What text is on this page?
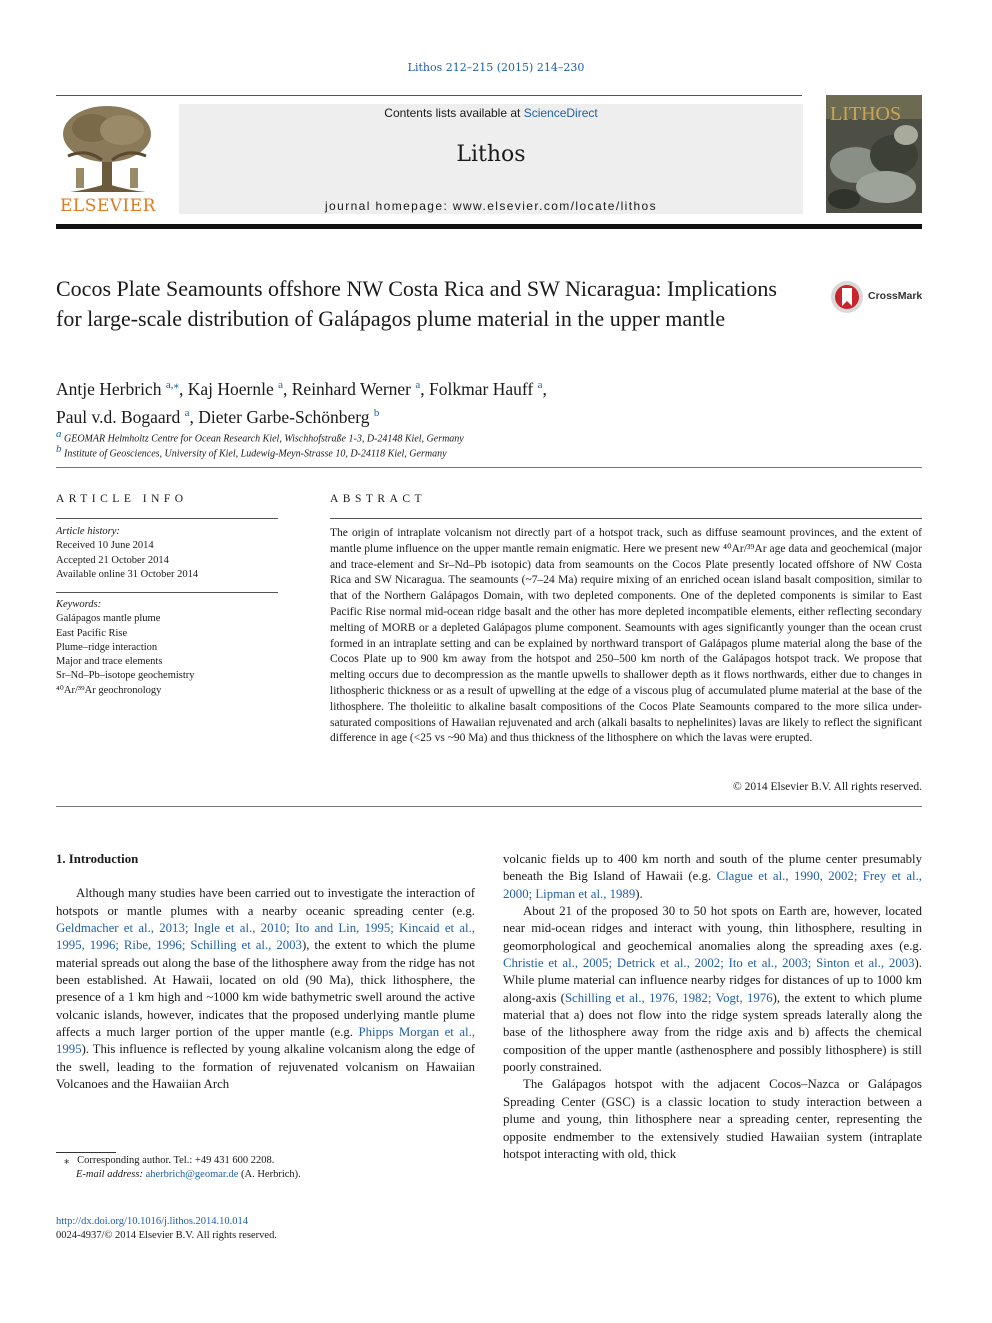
Lithos 212–215 (2015) 214–230
ELSEVIER
Contents lists available at ScienceDirect
Lithos
journal homepage: www.elsevier.com/locate/lithos
LITHOS
Cocos Plate Seamounts offshore NW Costa Rica and SW Nicaragua: Implications for large-scale distribution of Galápagos plume material in the upper mantle
CrossMark
Antje Herbrich $^{a,⁎}$, Kaj Hoernle $^a$, Reinhard Werner $^a$, Folkmar Hauff $^a$,
Paul v.d. Bogaard $^a$, Dieter Garbe-Schönberg $^b$
$^a$ GEOMAR Helmholtz Centre for Ocean Research Kiel, Wischhofstraße 1-3, D-24148 Kiel, Germany
$^b$ Institute of Geosciences, University of Kiel, Ludewig-Meyn-Strasse 10, D-24118 Kiel, Germany
ARTICLE INFO
Article history:
Received 10 June 2014
Accepted 21 October 2014
Available online 31 October 2014
Keywords:
Galápagos mantle plume
East Pacific Rise
Plume–ridge interaction
Major and trace elements
Sr–Nd–Pb–isotope geochemistry
⁴⁰Ar/³⁹Ar geochronology
ABSTRACT
The origin of intraplate volcanism not directly part of a hotspot track, such as diffuse seamount provinces, and the extent of mantle plume influence on the upper mantle remain enigmatic. Here we present new ⁴⁰Ar/³⁹Ar age data and geochemical (major and trace-element and Sr–Nd–Pb isotopic) data from seamounts on the Cocos Plate presently located offshore of NW Costa Rica and SW Nicaragua. The seamounts (~7–24 Ma) require mixing of an enriched ocean island basalt composition, similar to that of the Northern Galápagos Domain, with two depleted components. One of the depleted components is similar to East Pacific Rise normal mid-ocean ridge basalt and the other has more depleted incompatible elements, either reflecting secondary melting of MORB or a depleted Galápagos plume component. Seamounts with ages significantly younger than the ocean crust formed in an intraplate setting and can be explained by northward transport of Galápagos plume material along the base of the Cocos Plate up to 900 km away from the hotspot and 250–500 km north of the Galápagos hotspot track. We propose that melting occurs due to decompression as the mantle upwells to shallower depth as it flows northwards, either due to changes in lithospheric thickness or as a result of upwelling at the edge of a viscous plug of accumulated plume material at the base of the lithosphere. The tholeiitic to alkaline basalt compositions of the Cocos Plate Seamounts compared to the more silica under-saturated compositions of Hawaiian rejuvenated and arch (alkali basalts to nephelinites) lavas are likely to reflect the significant difference in age (<25 vs ~90 Ma) and thus thickness of the lithosphere on which the lavas were erupted.
© 2014 Elsevier B.V. All rights reserved.
1. Introduction

Although many studies have been carried out to investigate the interaction of hotspots or mantle plumes with a nearby oceanic spreading center (e.g. Geldmacher et al., 2013; Ingle et al., 2010; Ito and Lin, 1995; Kincaid et al., 1995, 1996; Ribe, 1996; Schilling et al., 2003), the extent to which the plume material spreads out along the base of the lithosphere away from the ridge has not been established. At Hawaii, located on old (90 Ma), thick lithosphere, the presence of a 1 km high and ~1000 km wide bathymetric swell around the active volcanic islands, however, indicates that the proposed underlying mantle plume affects a much larger portion of the upper mantle (e.g. Phipps Morgan et al., 1995). This influence is reflected by young alkaline volcanism along the edge of the swell, leading to the formation of rejuvenated volcanism on Hawaiian Volcanoes and the Hawaiian Arch

volcanic fields up to 400 km north and south of the plume center presumably beneath the Big Island of Hawaii (e.g. Clague et al., 1990, 2002; Frey et al., 2000; Lipman et al., 1989).

About 21 of the proposed 30 to 50 hot spots on Earth are, however, located near mid-ocean ridges and interact with young, thin lithosphere, resulting in geomorphological and geochemical anomalies along the spreading axes (e.g. Christie et al., 2005; Detrick et al., 2002; Ito et al., 2003; Sinton et al., 2003). While plume material can influence nearby ridges for distances of up to 1000 km along-axis (Schilling et al., 1976, 1982; Vogt, 1976), the extent to which plume material that a) does not flow into the ridge system spreads laterally along the base of the lithosphere away from the ridge axis and b) affects the chemical composition of the upper mantle (asthenosphere and possibly lithosphere) is still poorly constrained.

The Galápagos hotspot with the adjacent Cocos–Nazca or Galápagos Spreading Center (GSC) is a classic location to study interaction between a plume and young, thin lithosphere near a spreading center, representing the opposite endmember to the extensively studied Hawaiian system (intraplate hotspot interacting with old, thick

⁎ Corresponding author. Tel.: +49 431 600 2208.
E-mail address: aherbrich@geomar.de (A. Herbrich).
http://dx.doi.org/10.1016/j.lithos.2014.10.014
0024-4937/© 2014 Elsevier B.V. All rights reserved.
